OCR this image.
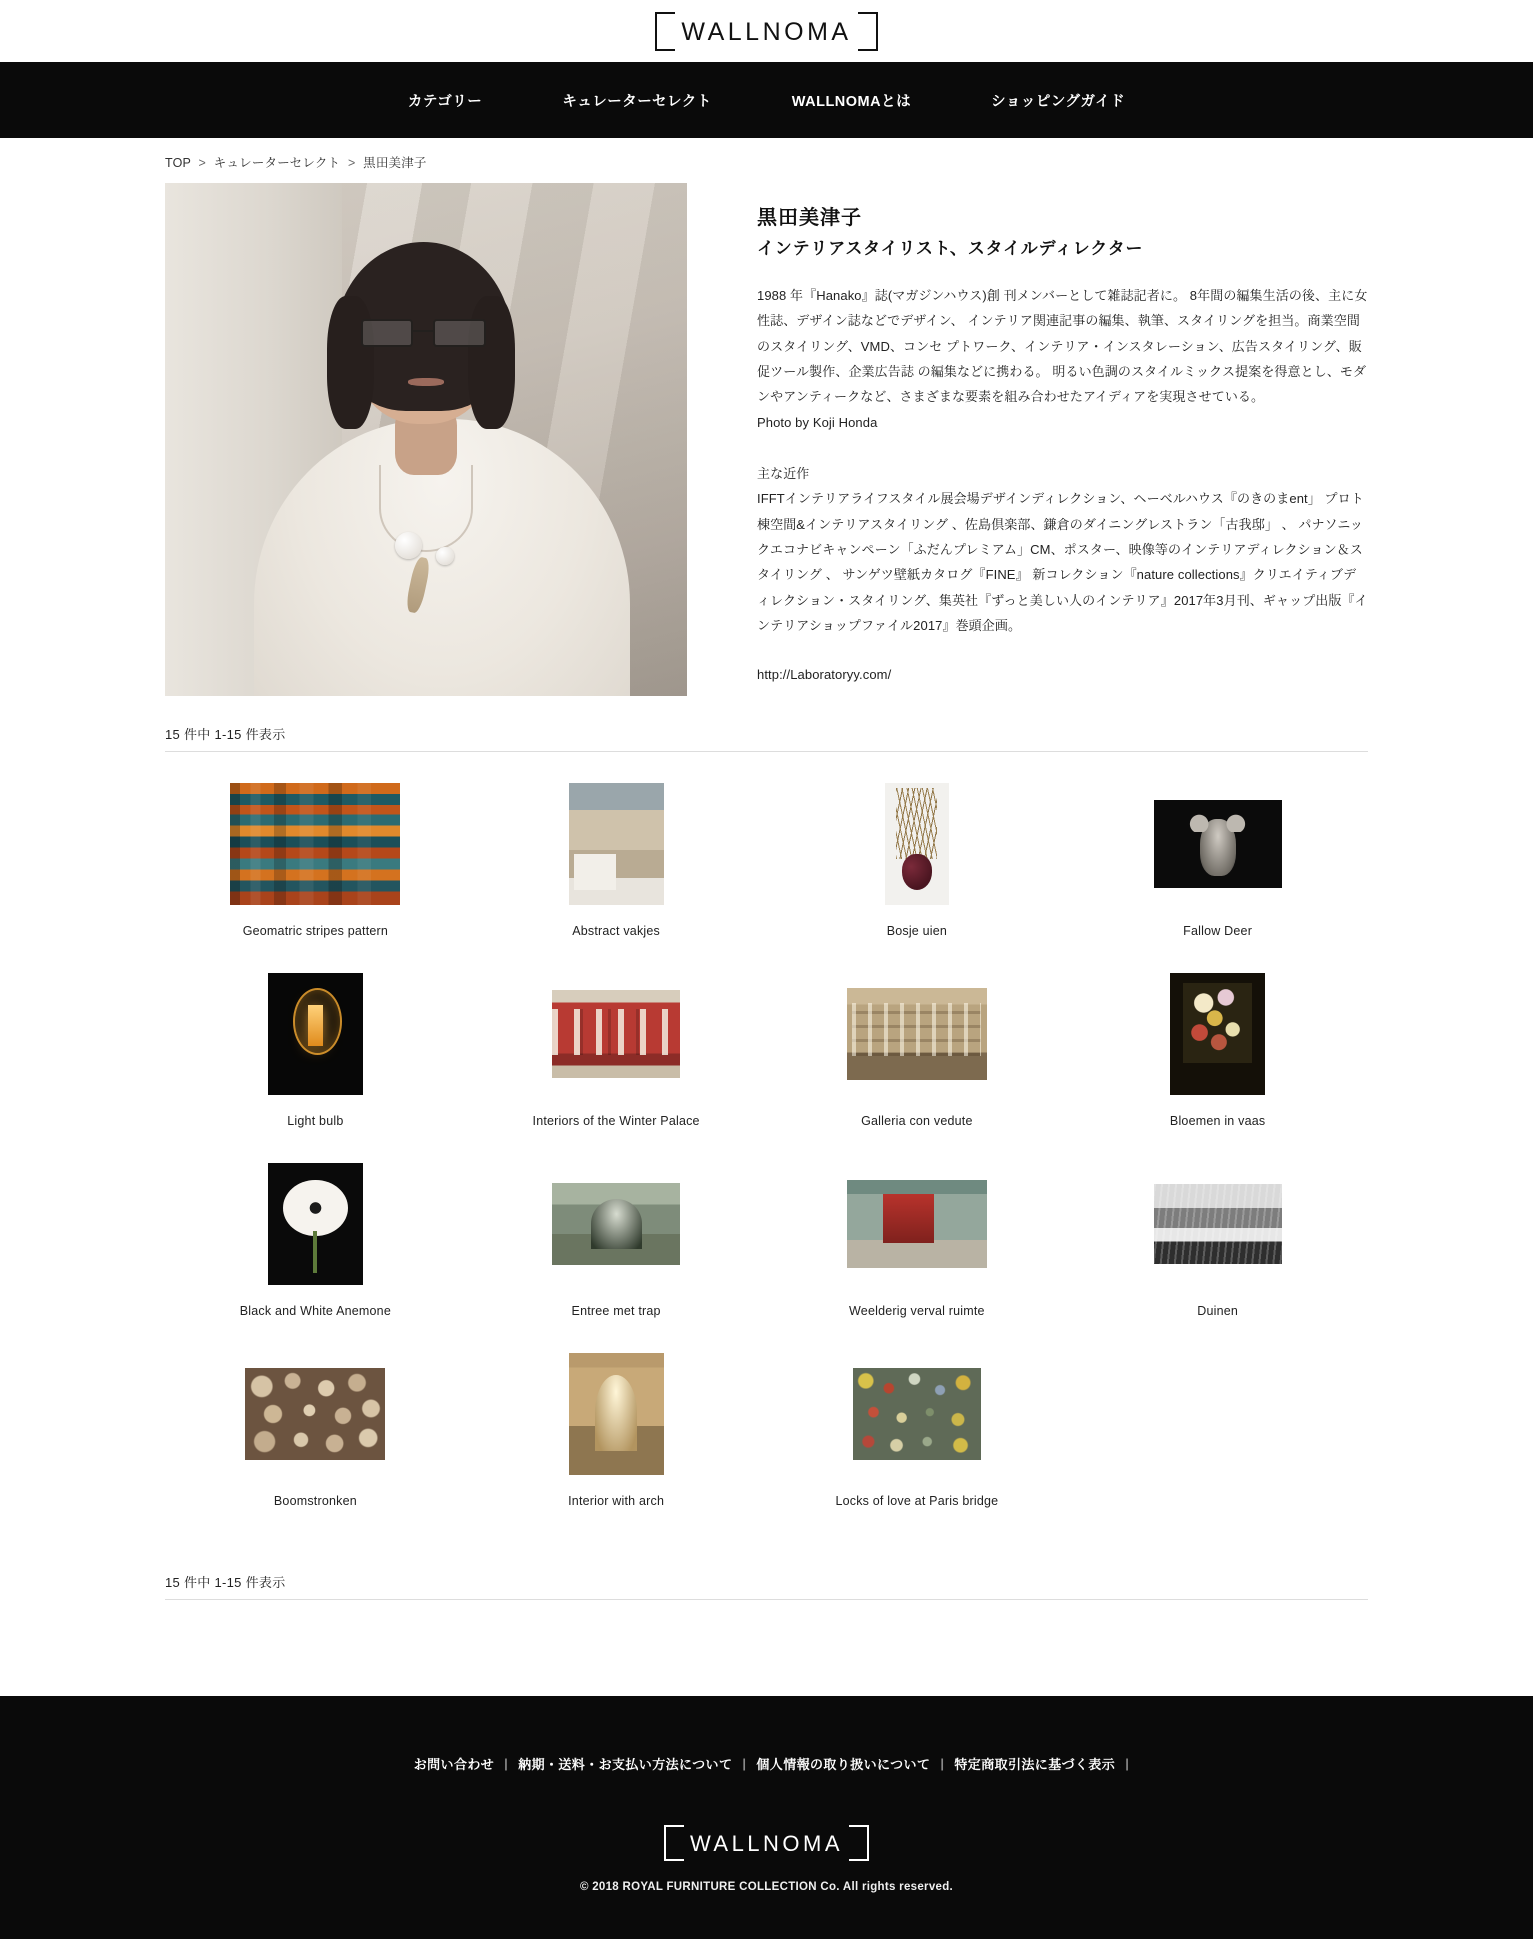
WALLNOMA
カテゴリー	キュレーターセレクト	WALLNOMAとは	ショッピングガイド
TOP > キュレーターセレクト > 黒田美津子
黒田美津子
インテリアスタイリスト、スタイルディレクター

1988 年『Hanako』誌(マガジンハウス)創 刊メンバーとして雑誌記者に。 8年間の編集生活の後、主に女性誌、デザイン誌などでデザイン、 インテリア関連記事の編集、執筆、スタイリングを担当。商業空間のスタイリング、VMD、コンセ プトワーク、インテリア・インスタレーション、広告スタイリング、販促ツール製作、企業広告誌 の編集などに携わる。 明るい色調のスタイルミックス提案を得意とし、モダンやアンティークなど、さまざまな要素を組み合わせたアイディアを実現させている。

Photo by Koji Honda

主な近作

IFFTインテリアライフスタイル展会場デザインディレクション、ヘーベルハウス『のきのまent」 プロト棟空間&インテリアスタイリング 、佐島倶楽部、鎌倉のダイニングレストラン「古我邸」 、 パナソニックエコナビキャンペーン「ふだんプレミアム」CM、ポスター、映像等のインテリアディレクション＆スタイリング 、 サンゲツ壁紙カタログ『FINE』 新コレクション『nature collections』クリエイティブディレクション・スタイリング、集英社『ずっと美しい人のインテリア』2017年3月刊、ギャップ出版『インテリアショップファイル2017』巻頭企画。

http://Laboratoryy.com/

15 件中 1-15 件表示
Geomatric stripes pattern	Abstract vakjes	Bosje uien	Fallow Deer
Light bulb	Interiors of the Winter Palace	Galleria con vedute	Bloemen in vaas
Black and White Anemone	Entree met trap	Weelderig verval ruimte	Duinen
Boomstronken	Interior with arch	Locks of love at Paris bridge
15 件中 1-15 件表示
お問い合わせ | 納期・送料・お支払い方法について | 個人情報の取り扱いについて | 特定商取引法に基づく表示 |
WALLNOMA
© 2018 ROYAL FURNITURE COLLECTION Co. All rights reserved.
